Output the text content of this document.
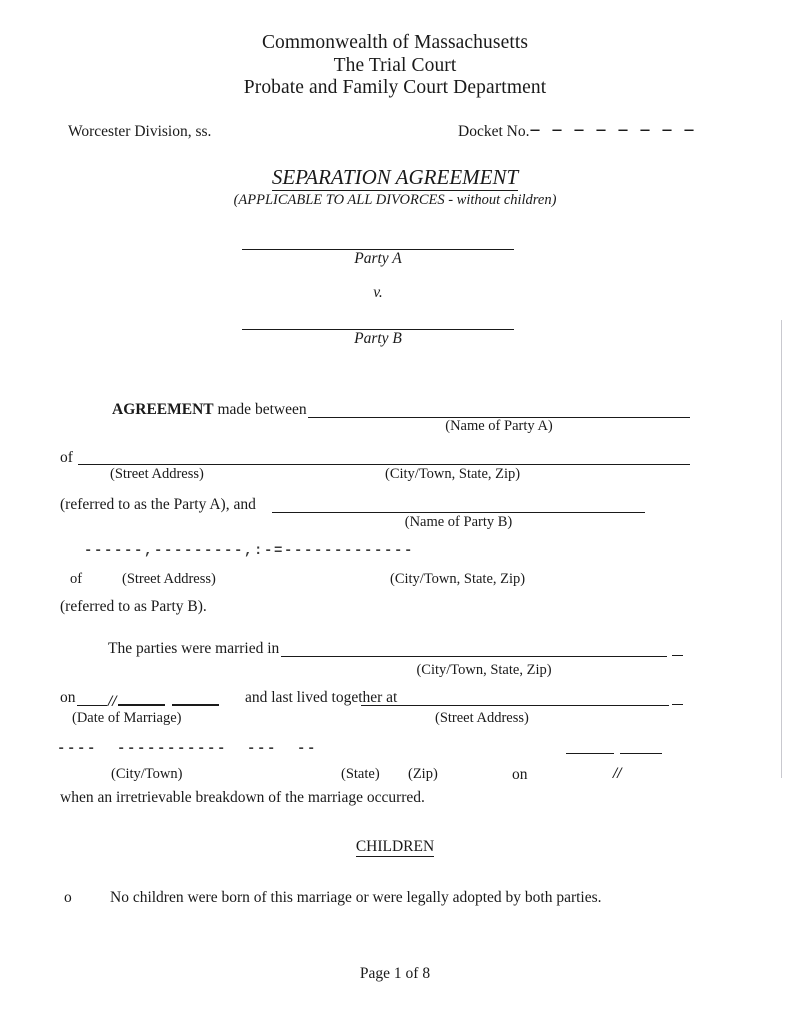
Commonwealth of Massachusetts
The Trial Court
Probate and Family Court Department
Worcester Division, ss.	Docket No.— — — — — — — —
SEPARATION AGREEMENT
(APPLICABLE TO ALL DIVORCES - without children)
Party A
v.
Party B
AGREEMENT made between
(Name of Party A)
of
(Street Address)	(City/Town, State, Zip)
(referred to as the Party A), and
(Name of Party B)
------,---------,:-=-------------
of	(Street Address)	(City/Town, State, Zip)
(referred to as Party B).
The parties were married in
(City/Town, State, Zip)
on	//	and last lived together at
(Date of Marriage)	(Street Address)
----  -----------  ---  --
(City/Town)	(State) (Zip)	on	//
when an irretrievable breakdown of the marriage occurred.
CHILDREN
o No children were born of this marriage or were legally adopted by both parties.
Page 1 of 8
